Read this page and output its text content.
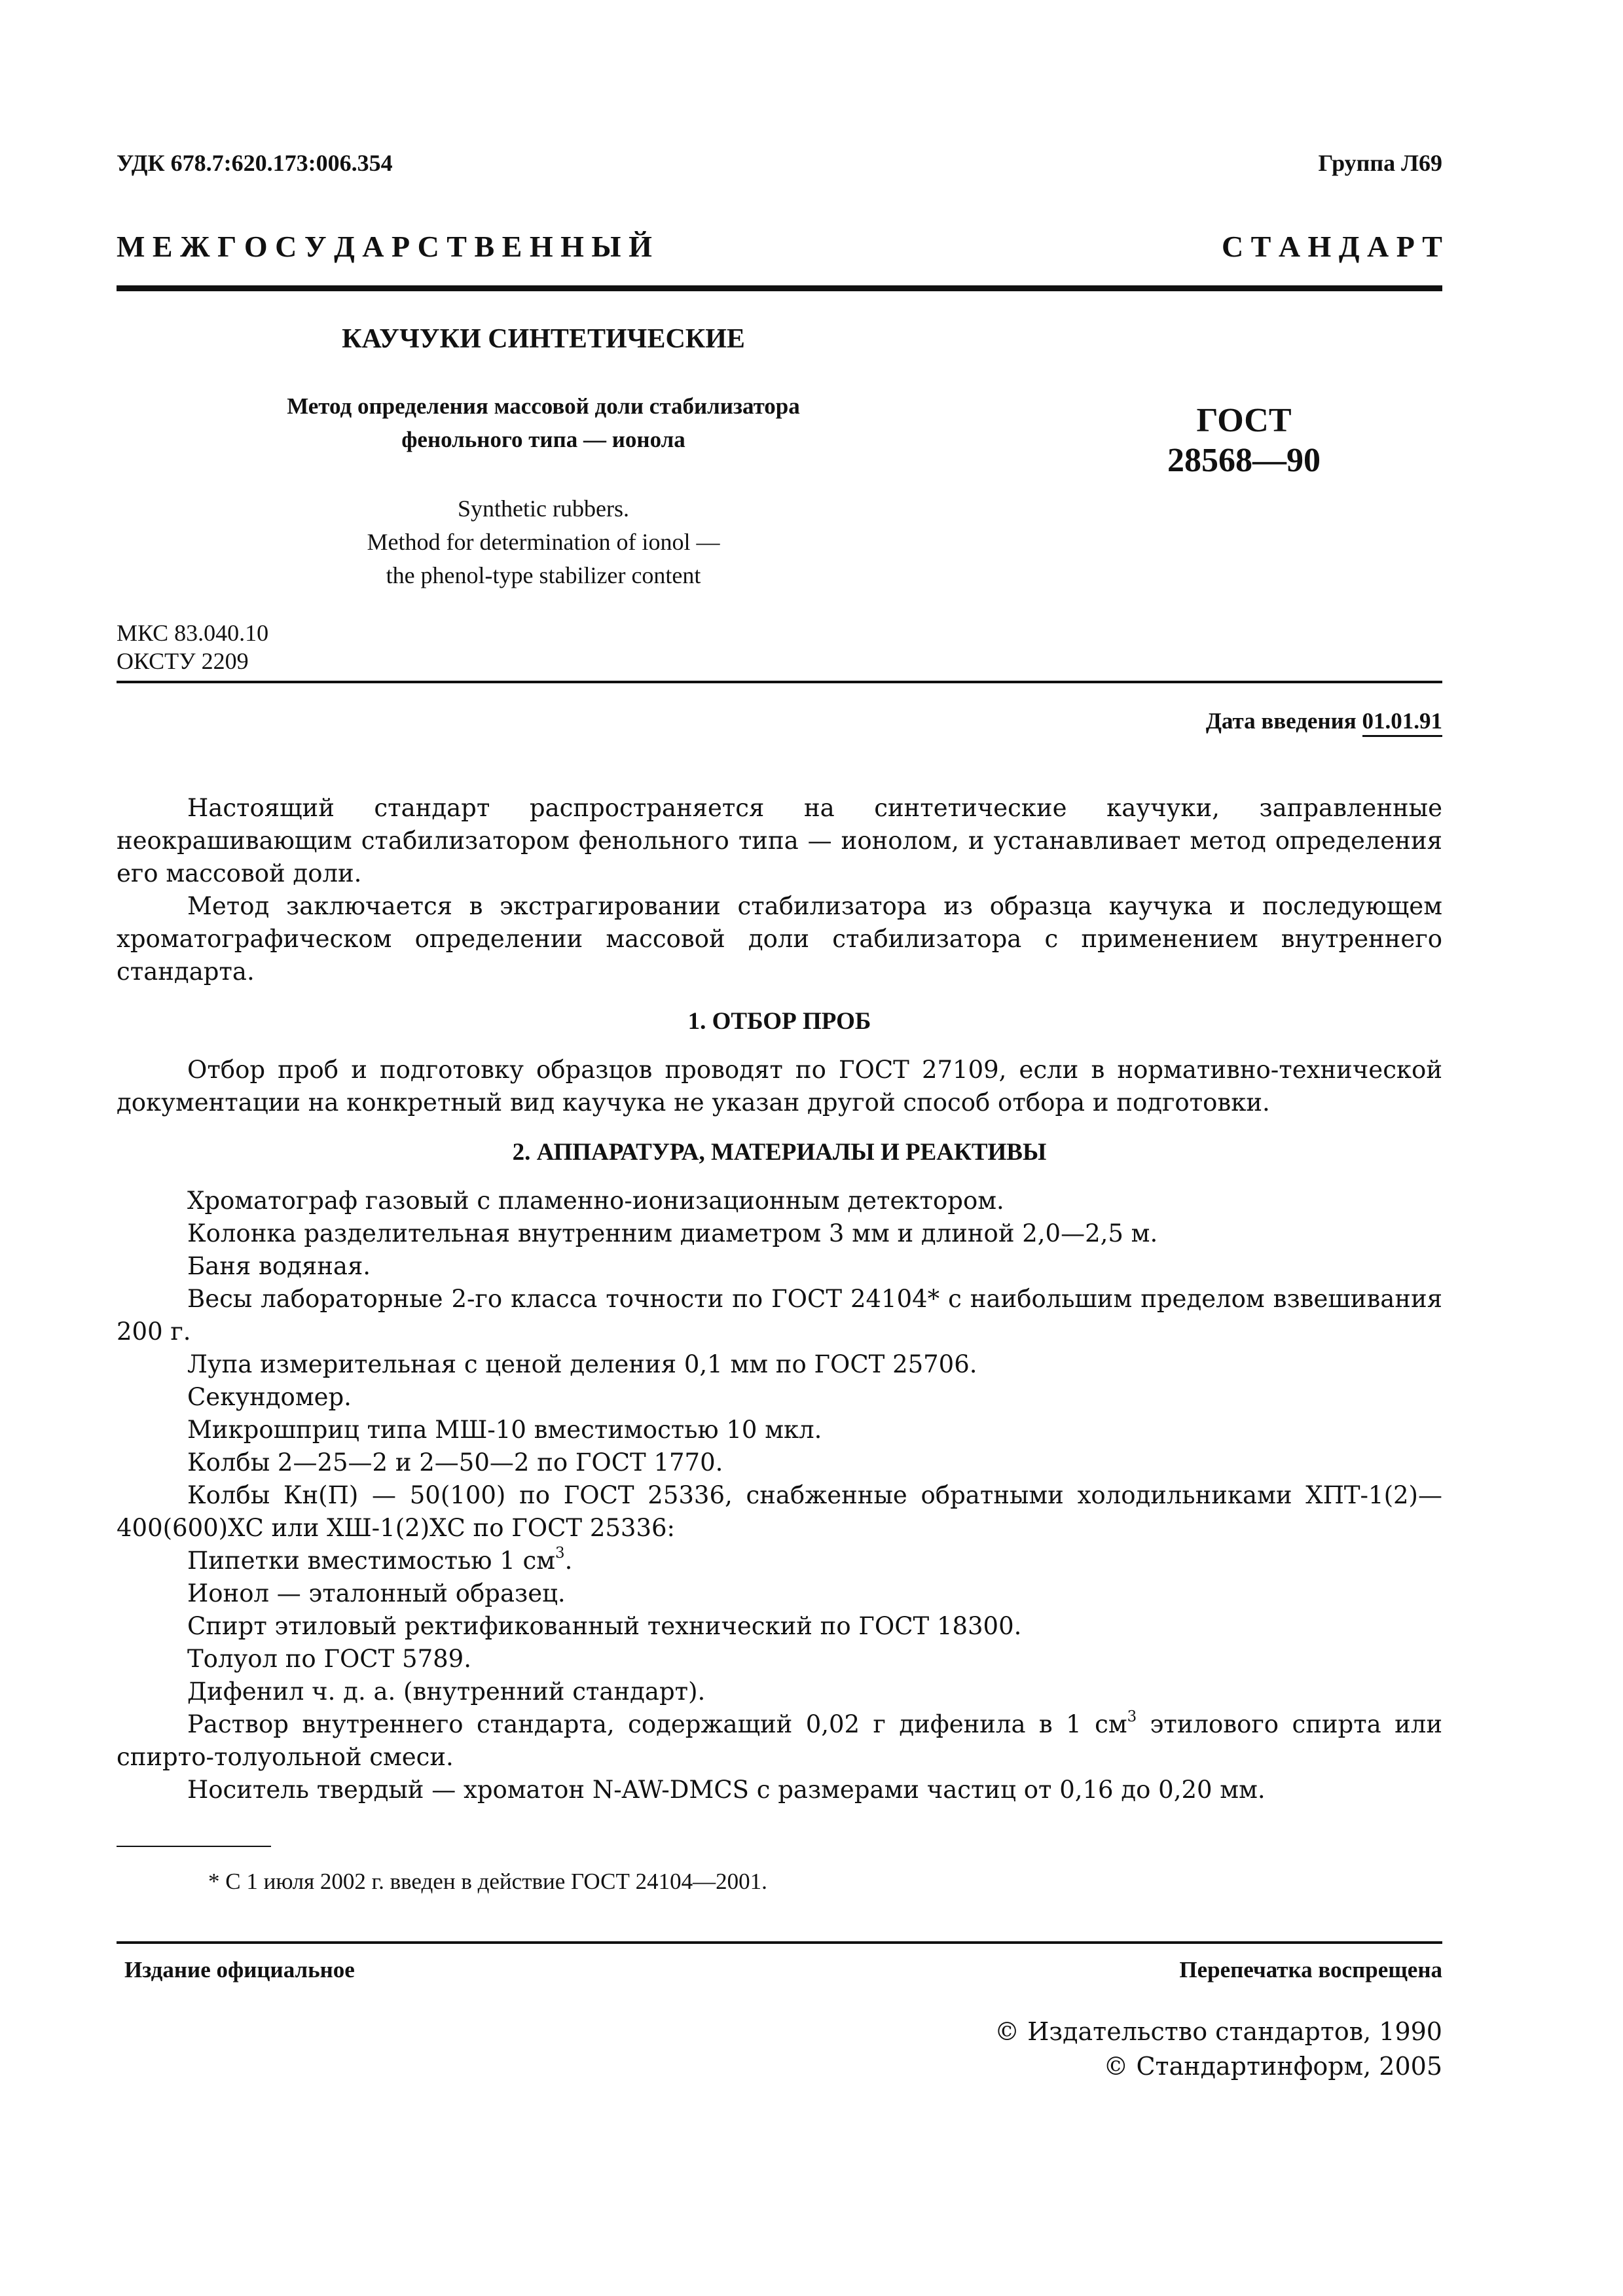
УДК 678.7:620.173:006.354	Группа Л69
М Е Ж Г О С У Д А Р С Т В Е Н Н Ы Й	С Т А Н Д А Р Т
КАУЧУКИ СИНТЕТИЧЕСКИЕ
Метод определения массовой доли стабилизатора
фенольного типа — ионола
Synthetic rubbers.
Method for determination of ionol —
the phenol-type stabilizer content
ГОСТ
28568—90
МКС 83.040.10
ОКСТУ 2209
Дата введения 01.01.91

Настоящий стандарт распространяется на синтетические каучуки, заправленные неокрашивающим стабилизатором фенольного типа — ионолом, и устанавливает метод определения его массовой доли.

Метод заключается в экстрагировании стабилизатора из образца каучука и последующем хроматографическом определении массовой доли стабилизатора с применением внутреннего стандарта.

1. ОТБОР ПРОБ

Отбор проб и подготовку образцов проводят по ГОСТ 27109, если в нормативно-технической документации на конкретный вид каучука не указан другой способ отбора и подготовки.

2. АППАРАТУРА, МАТЕРИАЛЫ И РЕАКТИВЫ

Хроматограф газовый с пламенно-ионизационным детектором.

Колонка разделительная внутренним диаметром 3 мм и длиной 2,0—2,5 м.

Баня водяная.

Весы лабораторные 2-го класса точности по ГОСТ 24104* с наибольшим пределом взвешивания 200 г.

Лупа измерительная с ценой деления 0,1 мм по ГОСТ 25706.

Секундомер.

Микрошприц типа МШ-10 вместимостью 10 мкл.

Колбы 2—25—2 и 2—50—2 по ГОСТ 1770.

Колбы Кн(П) — 50(100) по ГОСТ 25336, снабженные обратными холодильниками ХПТ-1(2)—400(600)ХС или ХШ-1(2)ХС по ГОСТ 25336:

Пипетки вместимостью 1 $см^3$.

Ионол — эталонный образец.

Спирт этиловый ректификованный технический по ГОСТ 18300.

Толуол по ГОСТ 5789.

Дифенил ч. д. а. (внутренний стандарт).

Раствор внутреннего стандарта, содержащий 0,02 г дифенила в 1 $см^3$ этилового спирта или спирто-толуольной смеси.

Носитель твердый — хроматон N-AW-DMCS с размерами частиц от 0,16 до 0,20 мм.

* С 1 июля 2002 г. введен в действие ГОСТ 24104—2001.
Издание официальное	Перепечатка воспрещена
© Издательство стандартов, 1990
© Стандартинформ, 2005
